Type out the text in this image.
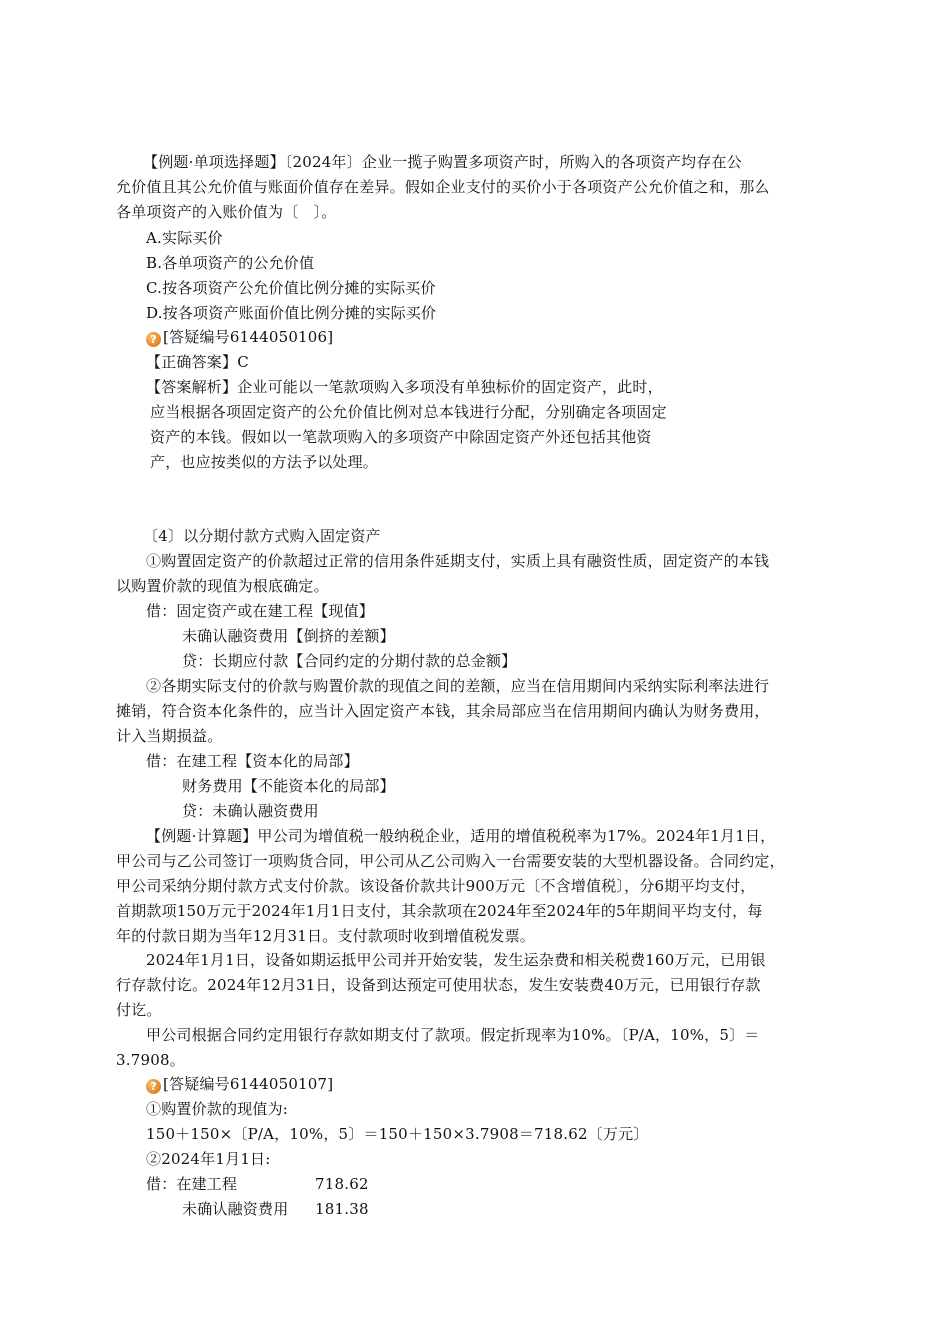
【例题·单项选择题】〔2024年〕企业一揽子购置多项资产时，所购入的各项资产均存在公
允价值且其公允价值与账面价值存在差异。假如企业支付的买价小于各项资产公允价值之和，那么
各单项资产的入账价值为〔　〕。
A.实际买价
B.各单项资产的公允价值
C.按各项资产公允价值比例分摊的实际买价
D.按各项资产账面价值比例分摊的实际买价
? [答疑编号6144050106]
【正确答案】C
【答案解析】企业可能以一笔款项购入多项没有单独标价的固定资产，此时，
应当根据各项固定资产的公允价值比例对总本钱进行分配，分别确定各项固定
资产的本钱。假如以一笔款项购入的多项资产中除固定资产外还包括其他资
产，也应按类似的方法予以处理。
〔4〕以分期付款方式购入固定资产
①购置固定资产的价款超过正常的信用条件延期支付，实质上具有融资性质，固定资产的本钱
以购置价款的现值为根底确定。
借：固定资产或在建工程【现值】
未确认融资费用【倒挤的差额】
贷：长期应付款【合同约定的分期付款的总金额】
②各期实际支付的价款与购置价款的现值之间的差额，应当在信用期间内采纳实际利率法进行
摊销，符合资本化条件的，应当计入固定资产本钱，其余局部应当在信用期间内确认为财务费用，
计入当期损益。
借：在建工程【资本化的局部】
财务费用【不能资本化的局部】
贷：未确认融资费用
【例题·计算题】甲公司为增值税一般纳税企业，适用的增值税税率为17%。2024年1月1日，
甲公司与乙公司签订一项购货合同，甲公司从乙公司购入一台需要安装的大型机器设备。合同约定，
甲公司采纳分期付款方式支付价款。该设备价款共计900万元〔不含增值税〕，分6期平均支付，
首期款项150万元于2024年1月1日支付，其余款项在2024年至2024年的5年期间平均支付，每
年的付款日期为当年12月31日。支付款项时收到增值税发票。
2024年1月1日，设备如期运抵甲公司并开始安装，发生运杂费和相关税费160万元，已用银
行存款付讫。2024年12月31日，设备到达预定可使用状态，发生安装费40万元，已用银行存款
付讫。
甲公司根据合同约定用银行存款如期支付了款项。假定折现率为10%。〔P/A，10%，5〕＝
3.7908。
? [答疑编号6144050107]
①购置价款的现值为:
150＋150×〔P/A，10%，5〕＝150＋150×3.7908＝718.62〔万元〕
②2024年1月1日:
借：在建工程	718.62
未确认融资费用 181.38
